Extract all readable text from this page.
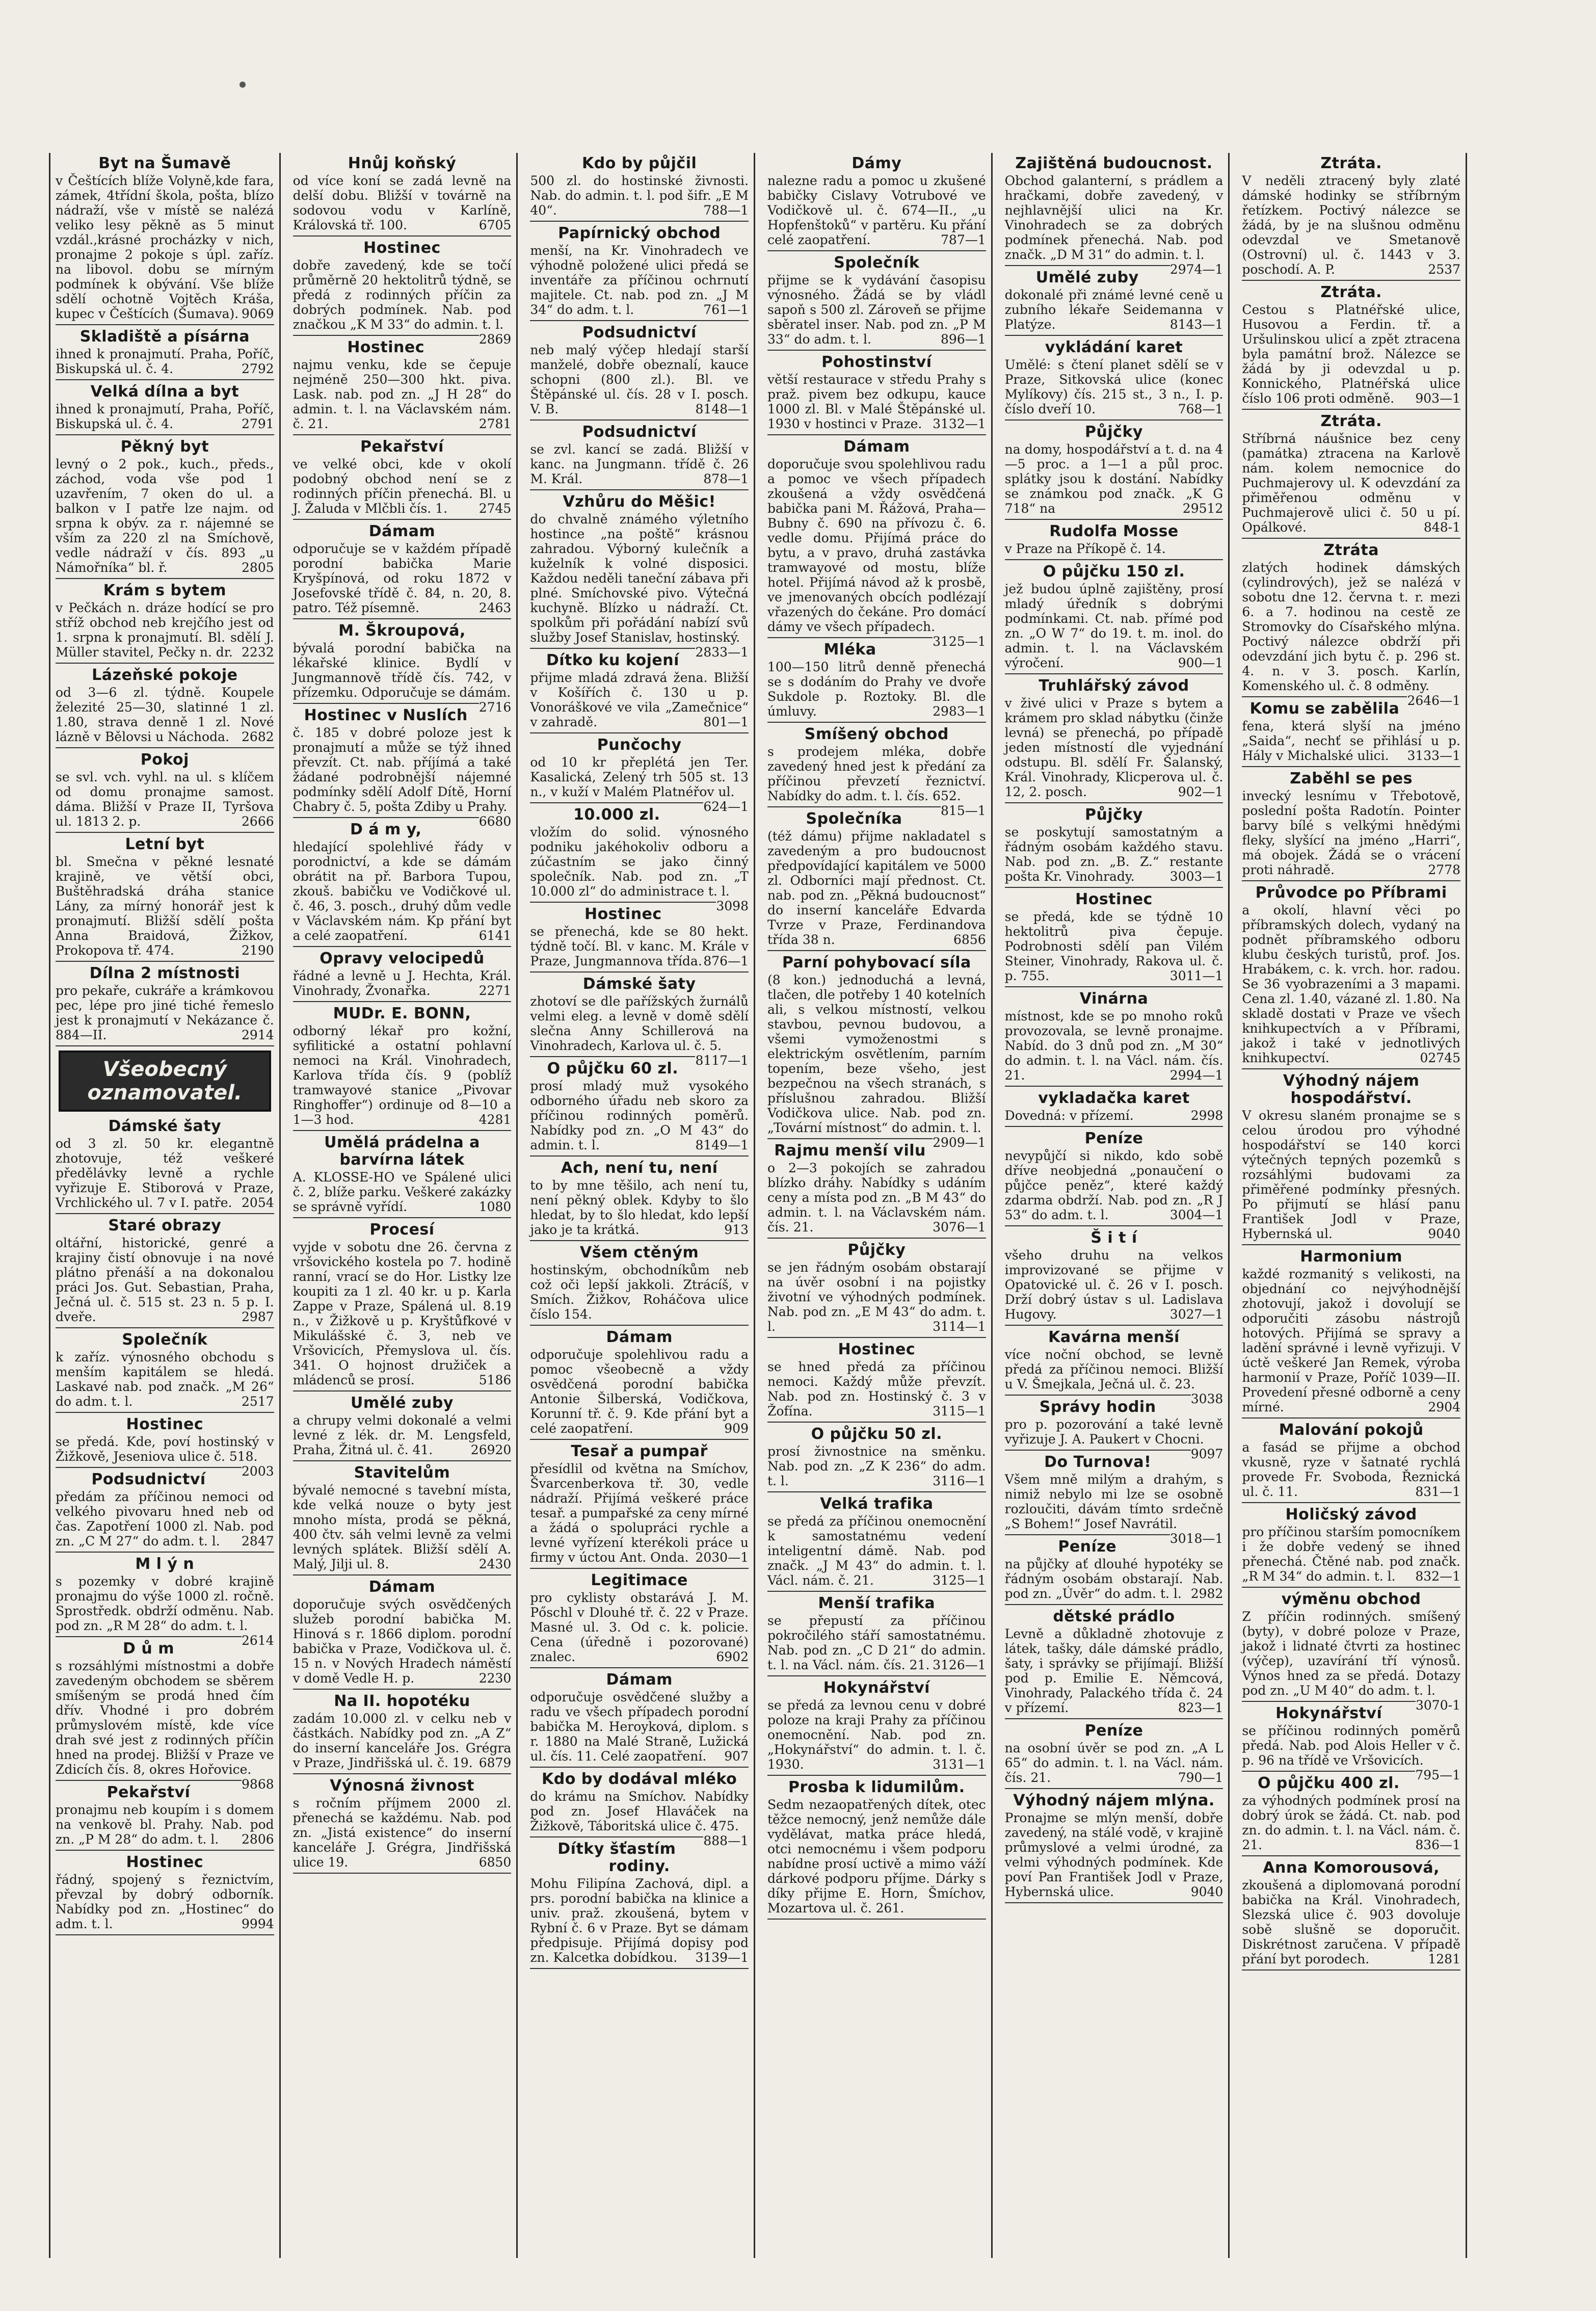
Byt na Šumavě

v Češtících blíže Volyně,kde fara, zámek, 4třídní škola, pošta, blízo nádraží, vše v místě se nalézá veliko lesy pěkně as 5 minut vzdál.,krásné procházky v nich, pronajme 2 pokoje s úpl. zaříz. na libovol. dobu se mírným podmínek k obývání. Vše blíže sdělí ochotně Vojtěch Kráša, kupec v Češtících (Šumava). 9069

Skladiště a písárna

ihned k pronajmutí. Praha, Poříč, Biskupská ul. č. 4.	2792

Velká dílna a byt

ihned k pronajmutí, Praha, Poříč, Biskupská ul. č. 4.	2791

Pěkný byt

levný o 2 pok., kuch., předs., záchod, voda vše pod 1 uzavřením, 7 oken do ul. a balkon v I patře lze najm. od srpna k obýv. za r. nájemné se vším za 220 zl na Smíchově, vedle nádraží v čís. 893 „u Námořníka“ bl. ř.	2805

Krám s bytem

v Pečkách n. dráze hodící se pro stříž obchod neb krejčího jest od 1. srpna k pronajmutí. Bl. sdělí J. Müller stavitel, Pečky n. dr. 2232

Lázeňské pokoje

od 3—6 zl. týdně. Koupele železité 25—30, slatinné 1 zl. 1.80, strava denně 1 zl. Nové lázně v Bělovsi u Náchoda. 2682

Pokoj

se svl. vch. vyhl. na ul. s klíčem od domu pronajme samost. dáma. Bližší v Praze II, Tyršova ul. 1813 2. p.	2666

Letní byt

bl. Smečna v pěkné lesnaté krajině, ve větší obci, Buštěhradská dráha stanice Lány, za mírný honorář jest k pronajmutí. Bližší sdělí pošta Anna Braidová, Žižkov, Prokopova tř. 474.	2190

Dílna 2 místnosti

pro pekaře, cukráře a krámkovou pec, lépe pro jiné tiché řemeslo jest k pronajmutí v Nekázance č. 884—II.	2914

Všeobecný oznamovatel.
Dámské šaty

od 3 zl. 50 kr. elegantně zhotovuje, též veškeré předělávky levně a rychle vyřizuje E. Stiborová v Praze, Vrchlického ul. 7 v I. patře. 2054

Staré obrazy

oltářní, historické, genré a krajiny čistí obnovuje i na nové plátno přenáší a na dokonalou práci Jos. Gut. Sebastian, Praha, Ječná ul. č. 515 st. 23 n. 5 p. I. dveře.	2987

Společník

k zaříz. výnosného obchodu s menším kapitálem se hledá. Laskavé nab. pod značk. „M 26“ do adm. t. l.	2517

Hostinec

se předá. Kde, poví hostinský v Žižkově, Jeseniova ulice č. 518.
2003

Podsudnictví

předám za příčinou nemoci od velkého pivovaru hned neb od čas. Zapotření 1000 zl. Nab. pod zn. „C M 27“ do adm. t. l. 2847

M l ý n

s pozemky v dobré krajině pronajmu do výše 1000 zl. ročně. Sprostředk. obdrží odměnu. Nab. pod zn. „R M 28“ do adm. t. l.
2614

D ů m

s rozsáhlými místnostmi a dobře zavedeným obchodem se sběrem smíšeným se prodá hned čím dřív. Vhodné i pro dobrém průmyslovém místě, kde více drah své jest z rodinných příčin hned na prodej. Bližší v Praze ve Zdicích čís. 8, okres Hořovice.
9868

Pekařství

pronajmu neb koupím i s domem na venkově bl. Prahy. Nab. pod zn. „P M 28“ do adm. t. l. 2806

Hostinec

řádný, spojený s řeznictvím, převzal by dobrý odborník. Nabídky pod zn. „Hostinec“ do adm. t. l.	9994

Hnůj koňský

od více koní se zadá levně na delší dobu. Bližší v továrně na sodovou vodu v Karlíně, Královská tř. 100.	6705

Hostinec

dobře zavedený, kde se točí průměrně 20 hektolitrů týdně, se předá z rodinných příčin za dobrých podmínek. Nab. pod značkou „K M 33“ do admin. t. l.
2869

Hostinec

najmu venku, kde se čepuje nejméně 250—300 hkt. piva. Lask. nab. pod zn. „J H 28“ do admin. t. l. na Václavském nám. č. 21.	2781

Pekařství

ve velké obci, kde v okolí podobný obchod není se z rodinných příčin přenechá. Bl. u J. Žaluda v Mlčbli čís. 1. 2745

Dámam

odporučuje se v každém případě porodní babička Marie Kryšpínová, od roku 1872 v Josefovské třídě č. 84, n. 20, 8. patro. Též písemně.	2463

M. Škroupová,

bývalá porodní babička na lékařské klinice. Bydlí v Jungmannově třídě čís. 742, v přízemku. Odporučuje se dámám.
2716

Hostinec v Nuslích

č. 185 v dobré poloze jest k pronajmutí a může se týž ihned převzít. Ct. nab. příjímá a také žádané podrobnější nájemné podmínky sdělí Adolf Dítě, Horní Chabry č. 5, pošta Zdiby u Prahy.
6680

D á m y,

hledající spolehlivé řády v porodnictví, a kde se dámám obrátit na př. Barbora Tupou, zkouš. babičku ve Vodičkové ul. č. 46, 3. posch., druhý dům vedle v Václavském nám. Kp přání byt a celé zaopatření.	6141

Opravy velocipedů

řádné a levně u J. Hechta, Král. Vinohrady, Žvonařka.	2271

MUDr. E. BONN,

odborný lékař pro kožní, syfilitické a ostatní pohlavní nemoci na Král. Vinohradech, Karlova třída čís. 9 (poblíž tramwayové stanice „Pivovar Ringhoffer“) ordinuje od 8—10 a 1—3 hod.	4281

Umělá prádelna a barvírna látek

A. KLOSSE-HO ve Spálené ulici č. 2, blíže parku. Veškeré zakázky se správně vyřídí.	1080

Procesí

vyjde v sobotu dne 26. června z vršovického kostela po 7. hodině ranní, vrací se do Hor. Listky lze koupiti za 1 zl. 40 kr. u p. Karla Zappe v Praze, Spálená ul. 8.19 n., v Žižkově u p. Kryštůfkové v Mikulášské č. 3, neb ve Vršovicích, Přemyslova ul. čís. 341. O hojnost družiček a mládenců se prosí.	5186

Umělé zuby

a chrupy velmi dokonalé a velmi levné z lék. dr. M. Lengsfeld, Praha, Žitná ul. č. 41.	26920

Stavitelům

bývalé nemocné s tavební místa, kde velká nouze o byty jest mnoho místa, prodá se pěkná, 400 čtv. sáh velmi levně za velmi levných splátek. Bližší sdělí A. Malý, Jilji ul. 8.	2430

Dámam

doporučuje svých osvědčených služeb porodní babička M. Hinová s r. 1866 diplom. porodní babička v Praze, Vodičkova ul. č. 15 n. v Nových Hradech náměstí v domě Vedle H. p.	2230

Na II. hopotéku

zadám 10.000 zl. v celku neb v částkách. Nabídky pod zn. „A Z“ do inserní kanceláře Jos. Grégra v Praze, Jindřišská ul. č. 19. 6879

Výnosná živnost

s ročním příjmem 2000 zl. přenechá se každému. Nab. pod zn. „Jistá existence“ do inserní kanceláře J. Grégra, Jindřišská ulice 19.	6850

Kdo by půjčil

500 zl. do hostinské živnosti. Nab. do admin. t. l. pod šifr. „E M 40“.	788—1

Papírnický obchod

menší, na Kr. Vinohradech ve výhodně položené ulici předá se inventáře za příčinou ochrnutí majitele. Ct. nab. pod zn. „J M 34“ do adm. t. l.	761—1

Podsudnictví

neb malý výčep hledají starší manželé, dobře obeznalí, kauce schopni (800 zl.). Bl. ve Štěpánské ul. čís. 28 v I. posch. V. B.	8148—1

Podsudnictví

se zvl. kancí se zadá. Bližší v kanc. na Jungmann. třídě č. 26 M. Král.	878—1

Vzhůru do Měšic!

do chvalně známého výletního hostince „na poště“ krásnou zahradou. Výborný kulečník a kuželník k volné disposici. Každou neděli taneční zábava při plné. Smíchovské pivo. Výtečná kuchyně. Blízko u nádraží. Ct. spolkům při pořádání nabízí svů služby Josef Stanislav, hostinský.
2833—1

Dítko ku kojení

přijme mladá zdravá žena. Bližší v Košířích č. 130 u p. Vonoráškové ve vila „Zamečnice“ v zahradě.	801—1

Punčochy

od 10 kr přeplétá jen Ter. Kasalická, Zelený trh 505 st. 13 n., v kuží v Malém Platnéřov ul.
624—1

10.000 zl.

vložím do solid. výnosného podniku jakéhokoliv odboru a zúčastním se jako činný společník. Nab. pod zn. „T 10.000 zl“ do administrace t. l.
3098

Hostinec

se přenechá, kde se 80 hekt. týdně točí. Bl. v kanc. M. Krále v Praze, Jungmannova třída. 876—1

Dámské šaty

zhotoví se dle pařížských žurnálů velmi eleg. a levně v domě sdělí slečna Anny Schillerová na Vinohradech, Karlova ul. č. 5.
8117—1

O půjčku 60 zl.

prosí mladý muž vysokého odborného úřadu neb skoro za příčinou rodinných poměrů. Nabídky pod zn. „O M 43“ do admin. t. l.	8149—1

Ach, není tu, není

to by mne těšilo, ach není tu, není pěkný oblek. Kdyby to šlo hledat, by to šlo hledat, kdo lepší jako je ta krátká.	913

Všem ctěným

hostinským, obchodníkům neb což oči lepší jakkoli. Ztrácíš, v Smích. Žižkov, Roháčova ulice číslo 154.

Dámam

odporučuje spolehlivou radu a pomoc všeobecně a vždy osvědčená porodní babička Antonie Šilberská, Vodičkova, Korunní tř. č. 9. Kde přání byt a celé zaopatření.	909

Tesař a pumpař

přesídlil od května na Smíchov, Švarcenberkova tř. 30, vedle nádraží. Přijímá veškeré práce tesař. a pumpařské za ceny mírné a žádá o spolupráci rychle a levné vyřízení kterékoli práce u firmy v úctou Ant. Onda. 2030—1

Legitimace

pro cyklisty obstarává J. M. Pőschl v Dlouhé tř. č. 22 v Praze. Masné ul. 3. Od c. k. policie. Cena (úředně i pozorované) znalec.	6902

Dámam

odporučuje osvědčené služby a radu ve všech případech porodní babička M. Heroyková, diplom. s r. 1880 na Malé Straně, Lužická ul. čís. 11. Celé zaopatření. 907

Kdo by dodával mléko

do krámu na Smíchov. Nabídky pod zn. Josef Hlaváček na Žižkově, Táboritská ulice č. 475.
888—1

Dítky šťastím rodiny.

Mohu Filipína Zachová, dipl. a prs. porodní babička na klinice a univ. praž. zkoušená, bytem v Rybní č. 6 v Praze. Byt se dámam předpisuje. Přijímá dopisy pod zn. Kalcetka dobídkou. 3139—1

Dámy

nalezne radu a pomoc u zkušené babičky Cislavy Votrubové ve Vodičkově ul. č. 674—II., „u Hopfenštoků“ v partěru. Ku přání celé zaopatření.	787—1

Společník

přijme se k vydávání časopisu výnosného. Žádá se by vládl sapoň s 500 zl. Zároveň se přijme sběratel inser. Nab. pod zn. „P M 33“ do adm. t. l.	896—1

Pohostinství

větší restaurace v středu Prahy s praž. pivem bez odkupu, kauce 1000 zl. Bl. v Malé Štěpánské ul. 1930 v hostinci v Praze. 3132—1

Dámam

doporučuje svou spolehlivou radu a pomoc ve všech případech zkoušená a vždy osvědčená babička pani M. Řážová, Praha—Bubny č. 690 na přívozu č. 6. vedle domu. Přijímá práce do bytu, a v pravo, druhá zastávka tramwayové od mostu, blíže hotel. Přijímá návod až k prosbě, ve jmenovaných obcích podlézají vřazených do čekáne. Pro domácí dámy ve všech případech.
3125—1

Mléka

100—150 litrů denně přenechá se s dodáním do Prahy ve dvoře Sukdole p. Roztoky. Bl. dle úmluvy.	2983—1

Smíšený obchod

s prodejem mléka, dobře zavedený hned jest k předání za příčinou převzetí řeznictví. Nabídky do adm. t. l. čís. 652.
815—1

Společníka

(též dámu) přijme nakladatel s zavedeným a pro budoucnost předpovídající kapitálem ve 5000 zl. Odborníci mají přednost. Ct. nab. pod zn. „Pěkná budoucnost“ do inserní kanceláře Edvarda Tvrze v Praze, Ferdinandova třída 38 n.	6856

Parní pohybovací síla

(8 kon.) jednoduchá a levná, tlačen, dle potřeby 1 40 kotelních ali, s velkou místností, velkou stavbou, pevnou budovou, a všemi vymoženostmi s elektrickým osvětlením, parním topením, beze všeho, jest bezpečnou na všech stranách, s příslušnou zahradou. Bližší Vodičkova ulice. Nab. pod zn. „Tovární místnost“ do admin. t. l.
2909—1

Rajmu menší vilu

o 2—3 pokojích se zahradou blízko dráhy. Nabídky s udáním ceny a místa pod zn. „B M 43“ do admin. t. l. na Václavském nám. čís. 21.	3076—1

Půjčky

se jen řádným osobám obstarají na úvěr osobní i na pojistky životní ve výhodných podmínek. Nab. pod zn. „E M 43“ do adm. t. l.	3114—1

Hostinec

se hned předá za příčinou nemoci. Každý může převzít. Nab. pod zn. Hostinský č. 3 v Žofína.	3115—1

O půjčku 50 zl.

prosí živnostnice na směnku. Nab. pod zn. „Z K 236“ do adm. t. l.	3116—1

Velká trafika

se předá za příčinou onemocnění k samostatnému vedení inteligentní dámě. Nab. pod značk. „J M 43“ do admin. t. l. Václ. nám. č. 21.	3125—1

Menší trafika

se přepustí za příčinou pokročilého stáří samostatnému. Nab. pod zn. „C D 21“ do admin. t. l. na Václ. nám. čís. 21. 3126—1

Hokynářství

se předá za levnou cenu v dobré poloze na kraji Prahy za příčinou onemocnění. Nab. pod zn. „Hokynářství“ do admin. t. l. č. 1930.	3131—1

Prosba k lidumilům.

Sedm nezaopatřených dítek, otec těžce nemocný, jenž nemůže dále vydělávat, matka práce hledá, otci nemocnému i všem podporu nabídne prosí uctivě a mimo váží dárkové podporu příjme. Dárky s díky přijme E. Horn, Šmíchov, Mozartova ul. č. 261.

Zajištěná budoucnost.

Obchod galanterní, s prádlem a hračkami, dobře zavedený, v nejhlavnější ulici na Kr. Vinohradech se za dobrých podmínek přenechá. Nab. pod značk. „D M 31“ do admin. t. l.
2974—1

Umělé zuby

dokonalé při známé levné ceně u zubního lékaře Seidemanna v Platýze.	8143—1

vykládání karet

Umělé: s čtení planet sdělí se v Praze, Sitkovská ulice (konec Mylíkovy) čís. 215 st., 3 n., I. p. číslo dveří 10.	768—1

Půjčky

na domy, hospodářství a t. d. na 4—5 proc. a 1—1 a půl proc. splátky jsou k dostání. Nabídky se známkou pod značk. „K G 718“ na	29512

Rudolfa Mosse

v Praze na Příkopě č. 14.

O půjčku 150 zl.

jež budou úplně zajištěny, prosí mladý úředník s dobrými podmínkami. Ct. nab. přímé pod zn. „O W 7“ do 19. t. m. inol. do admin. t. l. na Václavském výročení.	900—1

Truhlářský závod

v živé ulici v Praze s bytem a krámem pro sklad nábytku (činže levná) se přenechá, po případě jeden místností dle vyjednání odstupu. Bl. sdělí Fr. Šalanský, Král. Vinohrady, Klicperova ul. č. 12, 2. posch.	902—1

Půjčky

se poskytují samostatným a řádným osobám každého stavu. Nab. pod zn. „B. Z.“ restante pošta Kr. Vinohrady.	3003—1

Hostinec

se předá, kde se týdně 10 hektolitrů piva čepuje. Podrobnosti sdělí pan Vilém Steiner, Vinohrady, Rakova ul. č. p. 755.	3011—1

Vinárna

místnost, kde se po mnoho roků provozovala, se levně pronajme. Nabíd. do 3 dnů pod zn. „M 30“ do admin. t. l. na Václ. nám. čís. 21.	2994—1

vykladačka karet

Dovedná: v přízemí.	2998

Peníze

nevypůjčí si nikdo, kdo sobě dříve neobjedná „ponaučení o půjčce peněz“, které každý zdarma obdrží. Nab. pod zn. „R J 53“ do adm. t. l.	3004—1

Š i t í

všeho druhu na velkos improvizované se přijme v Opatovické ul. č. 26 v I. posch. Drží dobrý ústav s ul. Ladislava Hugovy.	3027—1

Kavárna menší

více noční obchod, se levně předá za příčinou nemoci. Bližší u V. Šmejkala, Ječná ul. č. 23.
3038

Správy hodin

pro p. pozorování a také levně vyřizuje J. A. Paukert v Chocni.
9097

Do Turnova!

Všem mně milým a drahým, s nimiž nebylo mi lze se osobně rozloučiti, dávám tímto srdečně „S Bohem!“ Josef Navrátil.
3018—1

Peníze

na půjčky ať dlouhé hypotéky se řádným osobám obstarají. Nab. pod zn. „Úvěr“ do adm. t. l. 2982

dětské prádlo

Levně a důkladně zhotovuje z látek, tašky, dále dámské prádlo, šaty, i správky se přijímají. Bližší pod p. Emilie E. Němcová, Vinohrady, Palackého třída č. 24 v přízemí.	823—1

Peníze

na osobní úvěr se pod zn. „A L 65“ do admin. t. l. na Václ. nám. čís. 21.	790—1

Výhodný nájem mlýna.

Pronajme se mlýn menší, dobře zavedený, na stálé vodě, v krajině průmyslové a velmi úrodné, za velmi výhodných podmínek. Kde poví Pan František Jodl v Praze, Hybernská ulice.	9040

Ztráta.

V neděli ztracený byly zlaté dámské hodinky se stříbrným řetízkem. Poctivý nálezce se žádá, by je na slušnou odměnu odevzdal ve Smetanově (Ostrovní) ul. č. 1443 v 3. poschodí. A. P.	2537

Ztráta.

Cestou s Platnéřské ulice, Husovou a Ferdin. tř. a Uršulinskou ulicí a zpět ztracena byla památní brož. Nálezce se žádá by ji odevzdal u p. Konnického, Platnéřská ulice číslo 106 proti odměně. 903—1

Ztráta.

Stříbrná náušnice bez ceny (památka) ztracena na Karlově nám. kolem nemocnice do Puchmajerovy ul. K odevzdání za přiměřenou odměnu v Puchmajerově ulici č. 50 u pí. Opálkové.	848-1

Ztráta

zlatých hodinek dámských (cylindrových), jež se nalézá v sobotu dne 12. června t. r. mezi 6. a 7. hodinou na cestě ze Stromovky do Císařského mlýna. Poctivý nálezce obdrží při odevzdání jich bytu č. p. 296 st. 4. n. v 3. posch. Karlín, Komenského ul. č. 8 odměny.
2646—1

Komu se zabělila

fena, která slyší na jméno „Saida“, nechť se přihlásí u p. Hály v Michalské ulici. 3133—1

Zaběhl se pes

invecký lesnímu v Třebotově, poslední pošta Radotín. Pointer barvy bílé s velkými hnědými fleky, slyšící na jméno „Harri“, má obojek. Žádá se o vrácení proti náhradě.	2778

Průvodce po Příbrami

a okolí, hlavní věci po příbramských dolech, vydaný na podnět příbramského odboru klubu českých turistů, prof. Jos. Hrabákem, c. k. vrch. hor. radou. Se 36 vyobrazeními a 3 mapami. Cena zl. 1.40, vázané zl. 1.80. Na skladě dostati v Praze ve všech knihkupectvích a v Příbrami, jakož i také v jednotlivých knihkupectví.	02745

Výhodný nájem hospodářství.

V okresu slaném pronajme se s celou úrodou pro výhodné hospodářství se 140 korci výtečných tepných pozemků s rozsáhlými budovami za přiměřené podmínky přesných. Po přijmutí se hlásí panu František Jodl v Praze, Hybernská ul.	9040

Harmonium

každé rozmanitý s velikosti, na objednání co nejvýhodnější zhotovují, jakož i dovolují se odporučiti zásobu nástrojů hotových. Přijímá se spravy a ladění správné i levně vyřizuji. V úctě veškeré Jan Remek, výroba harmonií v Praze, Poříč 1039—II. Provedení přesné odborně a ceny mírné.	2904

Malování pokojů

a fasád se přijme a obchod vkusně, ryze v šatnaté rychlá provede Fr. Svoboda, Řeznická ul. č. 11.	831—1

Holičský závod

pro příčinou starším pomocníkem i že dobře vedený se ihned přenechá. Čtěné nab. pod značk. „R M 34“ do admin. t. l. 832—1

výměnu obchod

Z příčin rodinných. smíšený (byty), v dobré poloze v Praze, jakož i lidnaté čtvrti za hostinec (výčep), uzavírání tří výnosů. Výnos hned za se předá. Dotazy pod zn. „U M 40“ do adm. t. l.
3070-1

Hokynářství

se příčinou rodinných poměrů předá. Nab. pod Alois Heller v č. p. 96 na třídě ve Vršovicích.
795—1

O půjčku 400 zl.

za výhodných podmínek prosí na dobrý úrok se žádá. Ct. nab. pod zn. do admin. t. l. na Václ. nám. č. 21.	836—1

Anna Komorousová,

zkoušená a diplomovaná porodní babička na Král. Vinohradech, Slezská ulice č. 903 dovoluje sobě slušně se doporučit. Diskrétnost zaručena. V případě přání byt porodech.	1281
